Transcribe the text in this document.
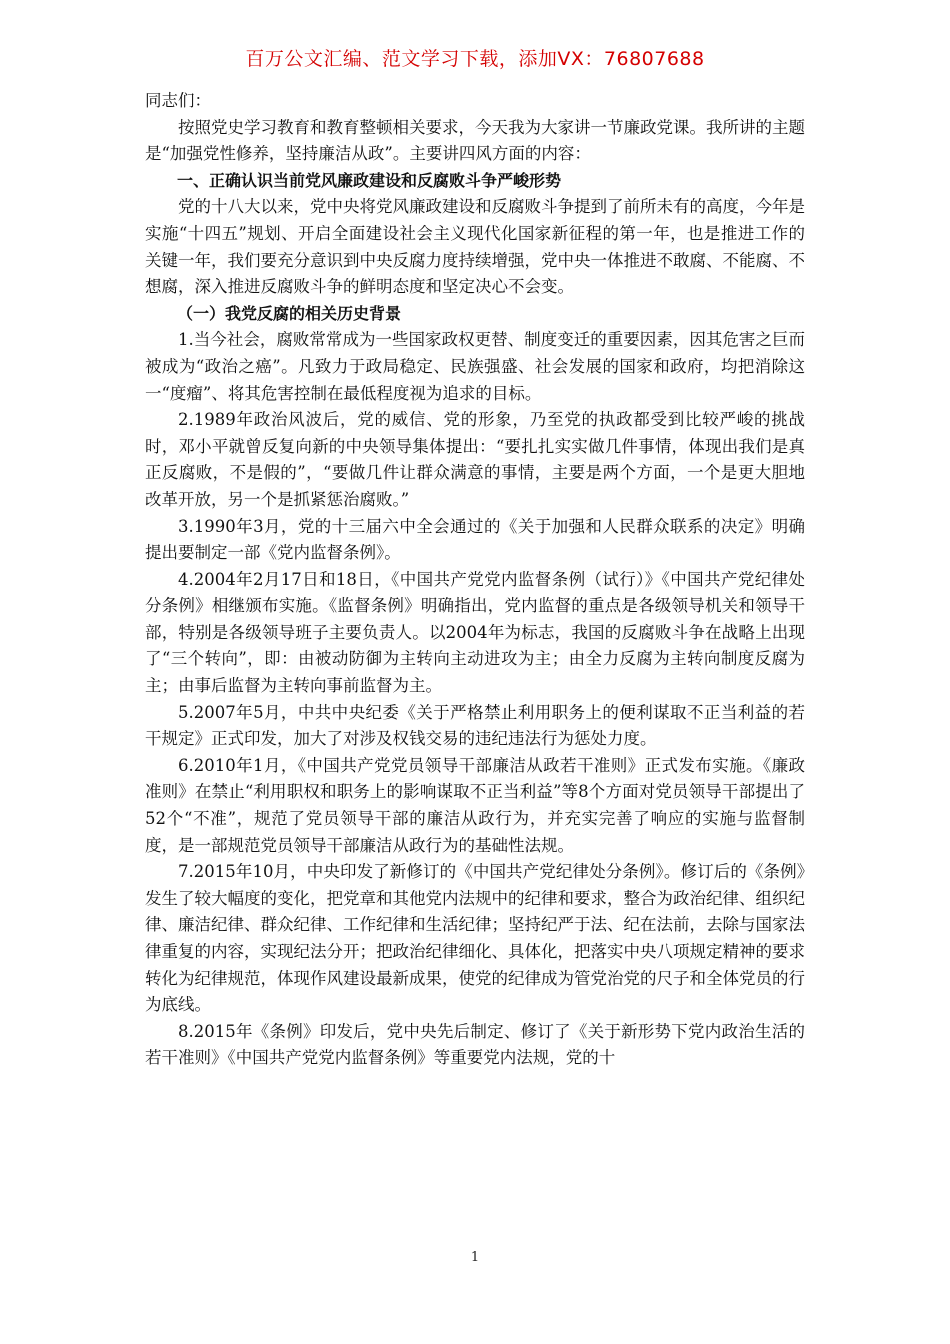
百万公文汇编、范文学习下载，添加VX：76807688

同志们：

按照党史学习教育和教育整顿相关要求，今天我为大家讲一节廉政党课。我所讲的主题是“加强党性修养，坚持廉洁从政”。主要讲四风方面的内容：

一、正确认识当前党风廉政建设和反腐败斗争严峻形势

党的十八大以来，党中央将党风廉政建设和反腐败斗争提到了前所未有的高度，今年是实施“十四五”规划、开启全面建设社会主义现代化国家新征程的第一年，也是推进工作的关键一年，我们要充分意识到中央反腐力度持续增强，党中央一体推进不敢腐、不能腐、不想腐，深入推进反腐败斗争的鲜明态度和坚定决心不会变。

（一）我党反腐的相关历史背景

1.当今社会，腐败常常成为一些国家政权更替、制度变迁的重要因素，因其危害之巨而被成为“政治之癌”。凡致力于政局稳定、民族强盛、社会发展的国家和政府，均把消除这一“度瘤”、将其危害控制在最低程度视为追求的目标。

2.1989年政治风波后，党的威信、党的形象，乃至党的执政都受到比较严峻的挑战时，邓小平就曾反复向新的中央领导集体提出：“要扎扎实实做几件事情，体现出我们是真正反腐败，不是假的”，“要做几件让群众满意的事情，主要是两个方面，一个是更大胆地改革开放，另一个是抓紧惩治腐败。”

3.1990年3月，党的十三届六中全会通过的《关于加强和人民群众联系的决定》明确提出要制定一部《党内监督条例》。

4.2004年2月17日和18日，《中国共产党党内监督条例（试行）》《中国共产党纪律处分条例》相继颁布实施。《监督条例》明确指出，党内监督的重点是各级领导机关和领导干部，特别是各级领导班子主要负责人。以2004年为标志，我国的反腐败斗争在战略上出现了“三个转向”，即：由被动防御为主转向主动进攻为主；由全力反腐为主转向制度反腐为主；由事后监督为主转向事前监督为主。

5.2007年5月，中共中央纪委《关于严格禁止利用职务上的便利谋取不正当利益的若干规定》正式印发，加大了对涉及权钱交易的违纪违法行为惩处力度。

6.2010年1月，《中国共产党党员领导干部廉洁从政若干准则》正式发布实施。《廉政准则》在禁止“利用职权和职务上的影响谋取不正当利益”等8个方面对党员领导干部提出了52个“不准”，规范了党员领导干部的廉洁从政行为，并充实完善了响应的实施与监督制度，是一部规范党员领导干部廉洁从政行为的基础性法规。

7.2015年10月，中央印发了新修订的《中国共产党纪律处分条例》。修订后的《条例》发生了较大幅度的变化，把党章和其他党内法规中的纪律和要求，整合为政治纪律、组织纪律、廉洁纪律、群众纪律、工作纪律和生活纪律；坚持纪严于法、纪在法前，去除与国家法律重复的内容，实现纪法分开；把政治纪律细化、具体化，把落实中央八项规定精神的要求转化为纪律规范，体现作风建设最新成果，使党的纪律成为管党治党的尺子和全体党员的行为底线。

8.2015年《条例》印发后，党中央先后制定、修订了《关于新形势下党内政治生活的若干准则》《中国共产党党内监督条例》等重要党内法规，党的十

1
